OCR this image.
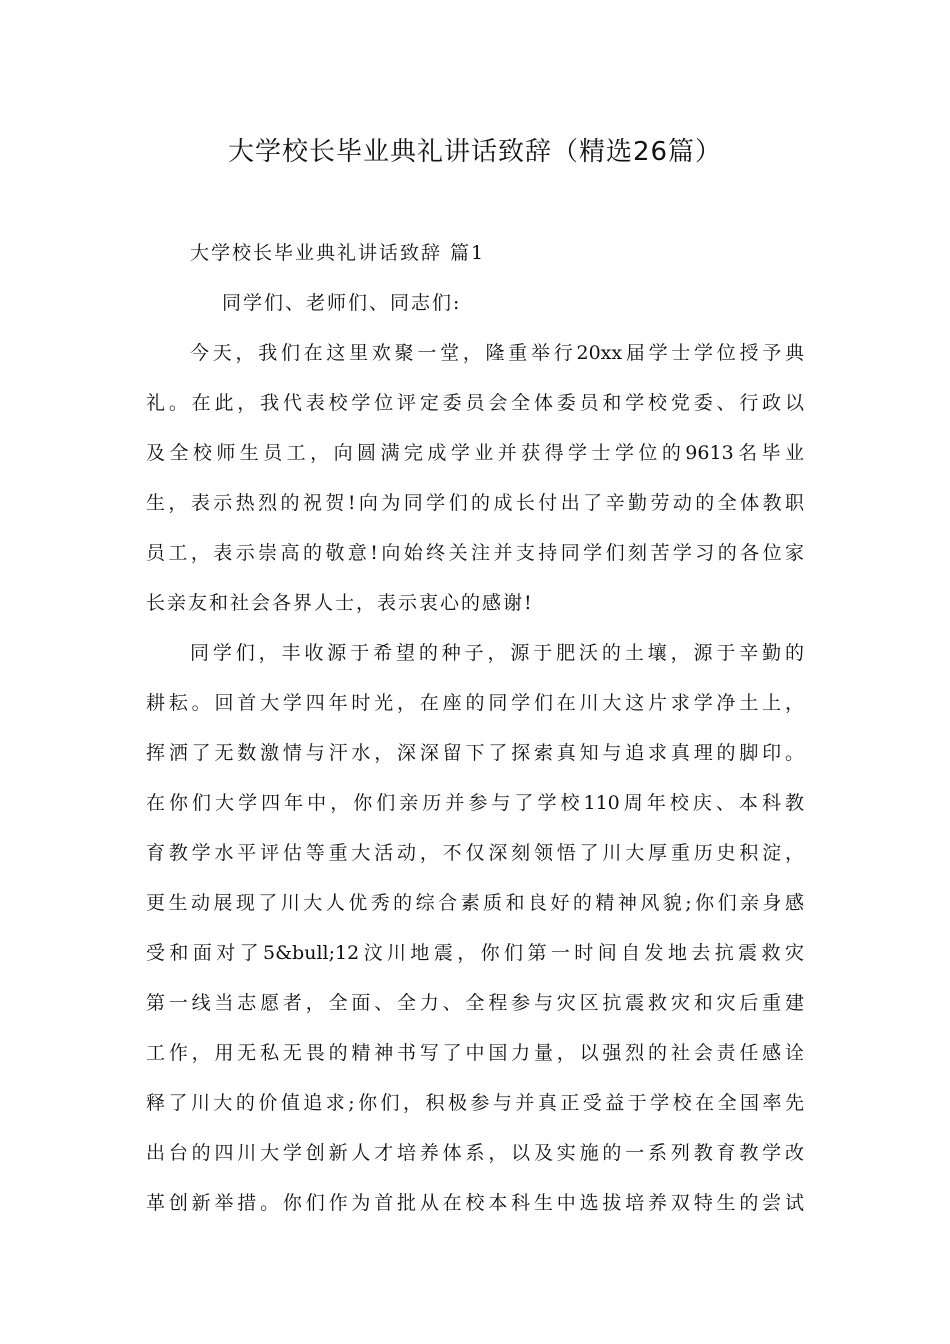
大学校长毕业典礼讲话致辞（精选26篇）
大学校长毕业典礼讲话致辞 篇1
同学们、老师们、同志们:
今天，我们在这里欢聚一堂，隆重举行20xx届学士学位授予典
礼。在此，我代表校学位评定委员会全体委员和学校党委、行政以
及全校师生员工，向圆满完成学业并获得学士学位的9613名毕业
生，表示热烈的祝贺!向为同学们的成长付出了辛勤劳动的全体教职
员工，表示崇高的敬意!向始终关注并支持同学们刻苦学习的各位家
长亲友和社会各界人士，表示衷心的感谢!
同学们，丰收源于希望的种子，源于肥沃的土壤，源于辛勤的
耕耘。回首大学四年时光，在座的同学们在川大这片求学净土上，
挥洒了无数激情与汗水，深深留下了探索真知与追求真理的脚印。
在你们大学四年中，你们亲历并参与了学校110周年校庆、本科教
育教学水平评估等重大活动，不仅深刻领悟了川大厚重历史积淀，
更生动展现了川大人优秀的综合素质和良好的精神风貌;你们亲身感
受和面对了5&bull;12汶川地震，你们第一时间自发地去抗震救灾
第一线当志愿者，全面、全力、全程参与灾区抗震救灾和灾后重建
工作，用无私无畏的精神书写了中国力量，以强烈的社会责任感诠
释了川大的价值追求;你们，积极参与并真正受益于学校在全国率先
出台的四川大学创新人才培养体系，以及实施的一系列教育教学改
革创新举措。你们作为首批从在校本科生中选拔培养双特生的尝试
